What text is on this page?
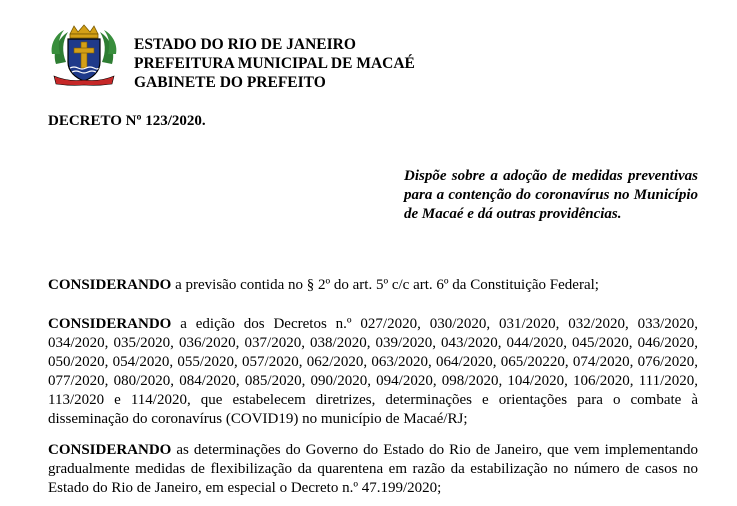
ESTADO DO RIO DE JANEIRO
PREFEITURA MUNICIPAL DE MACAÉ
GABINETE DO PREFEITO
DECRETO Nº 123/2020.
Dispõe sobre a adoção de medidas preventivas para a contenção do coronavírus no Município de Macaé e dá outras providências.
CONSIDERANDO a previsão contida no § 2º do art. 5º c/c art. 6º da Constituição Federal;
CONSIDERANDO a edição dos Decretos n.º 027/2020, 030/2020, 031/2020, 032/2020, 033/2020, 034/2020, 035/2020, 036/2020, 037/2020, 038/2020, 039/2020, 043/2020, 044/2020, 045/2020, 046/2020, 050/2020, 054/2020, 055/2020, 057/2020, 062/2020, 063/2020, 064/2020, 065/20220, 074/2020, 076/2020, 077/2020, 080/2020, 084/2020, 085/2020, 090/2020, 094/2020, 098/2020, 104/2020, 106/2020, 111/2020, 113/2020 e 114/2020, que estabelecem diretrizes, determinações e orientações para o combate à disseminação do coronavírus (COVID19) no município de Macaé/RJ;
CONSIDERANDO as determinações do Governo do Estado do Rio de Janeiro, que vem implementando gradualmente medidas de flexibilização da quarentena em razão da estabilização no número de casos no Estado do Rio de Janeiro, em especial o Decreto n.º 47.199/2020;
